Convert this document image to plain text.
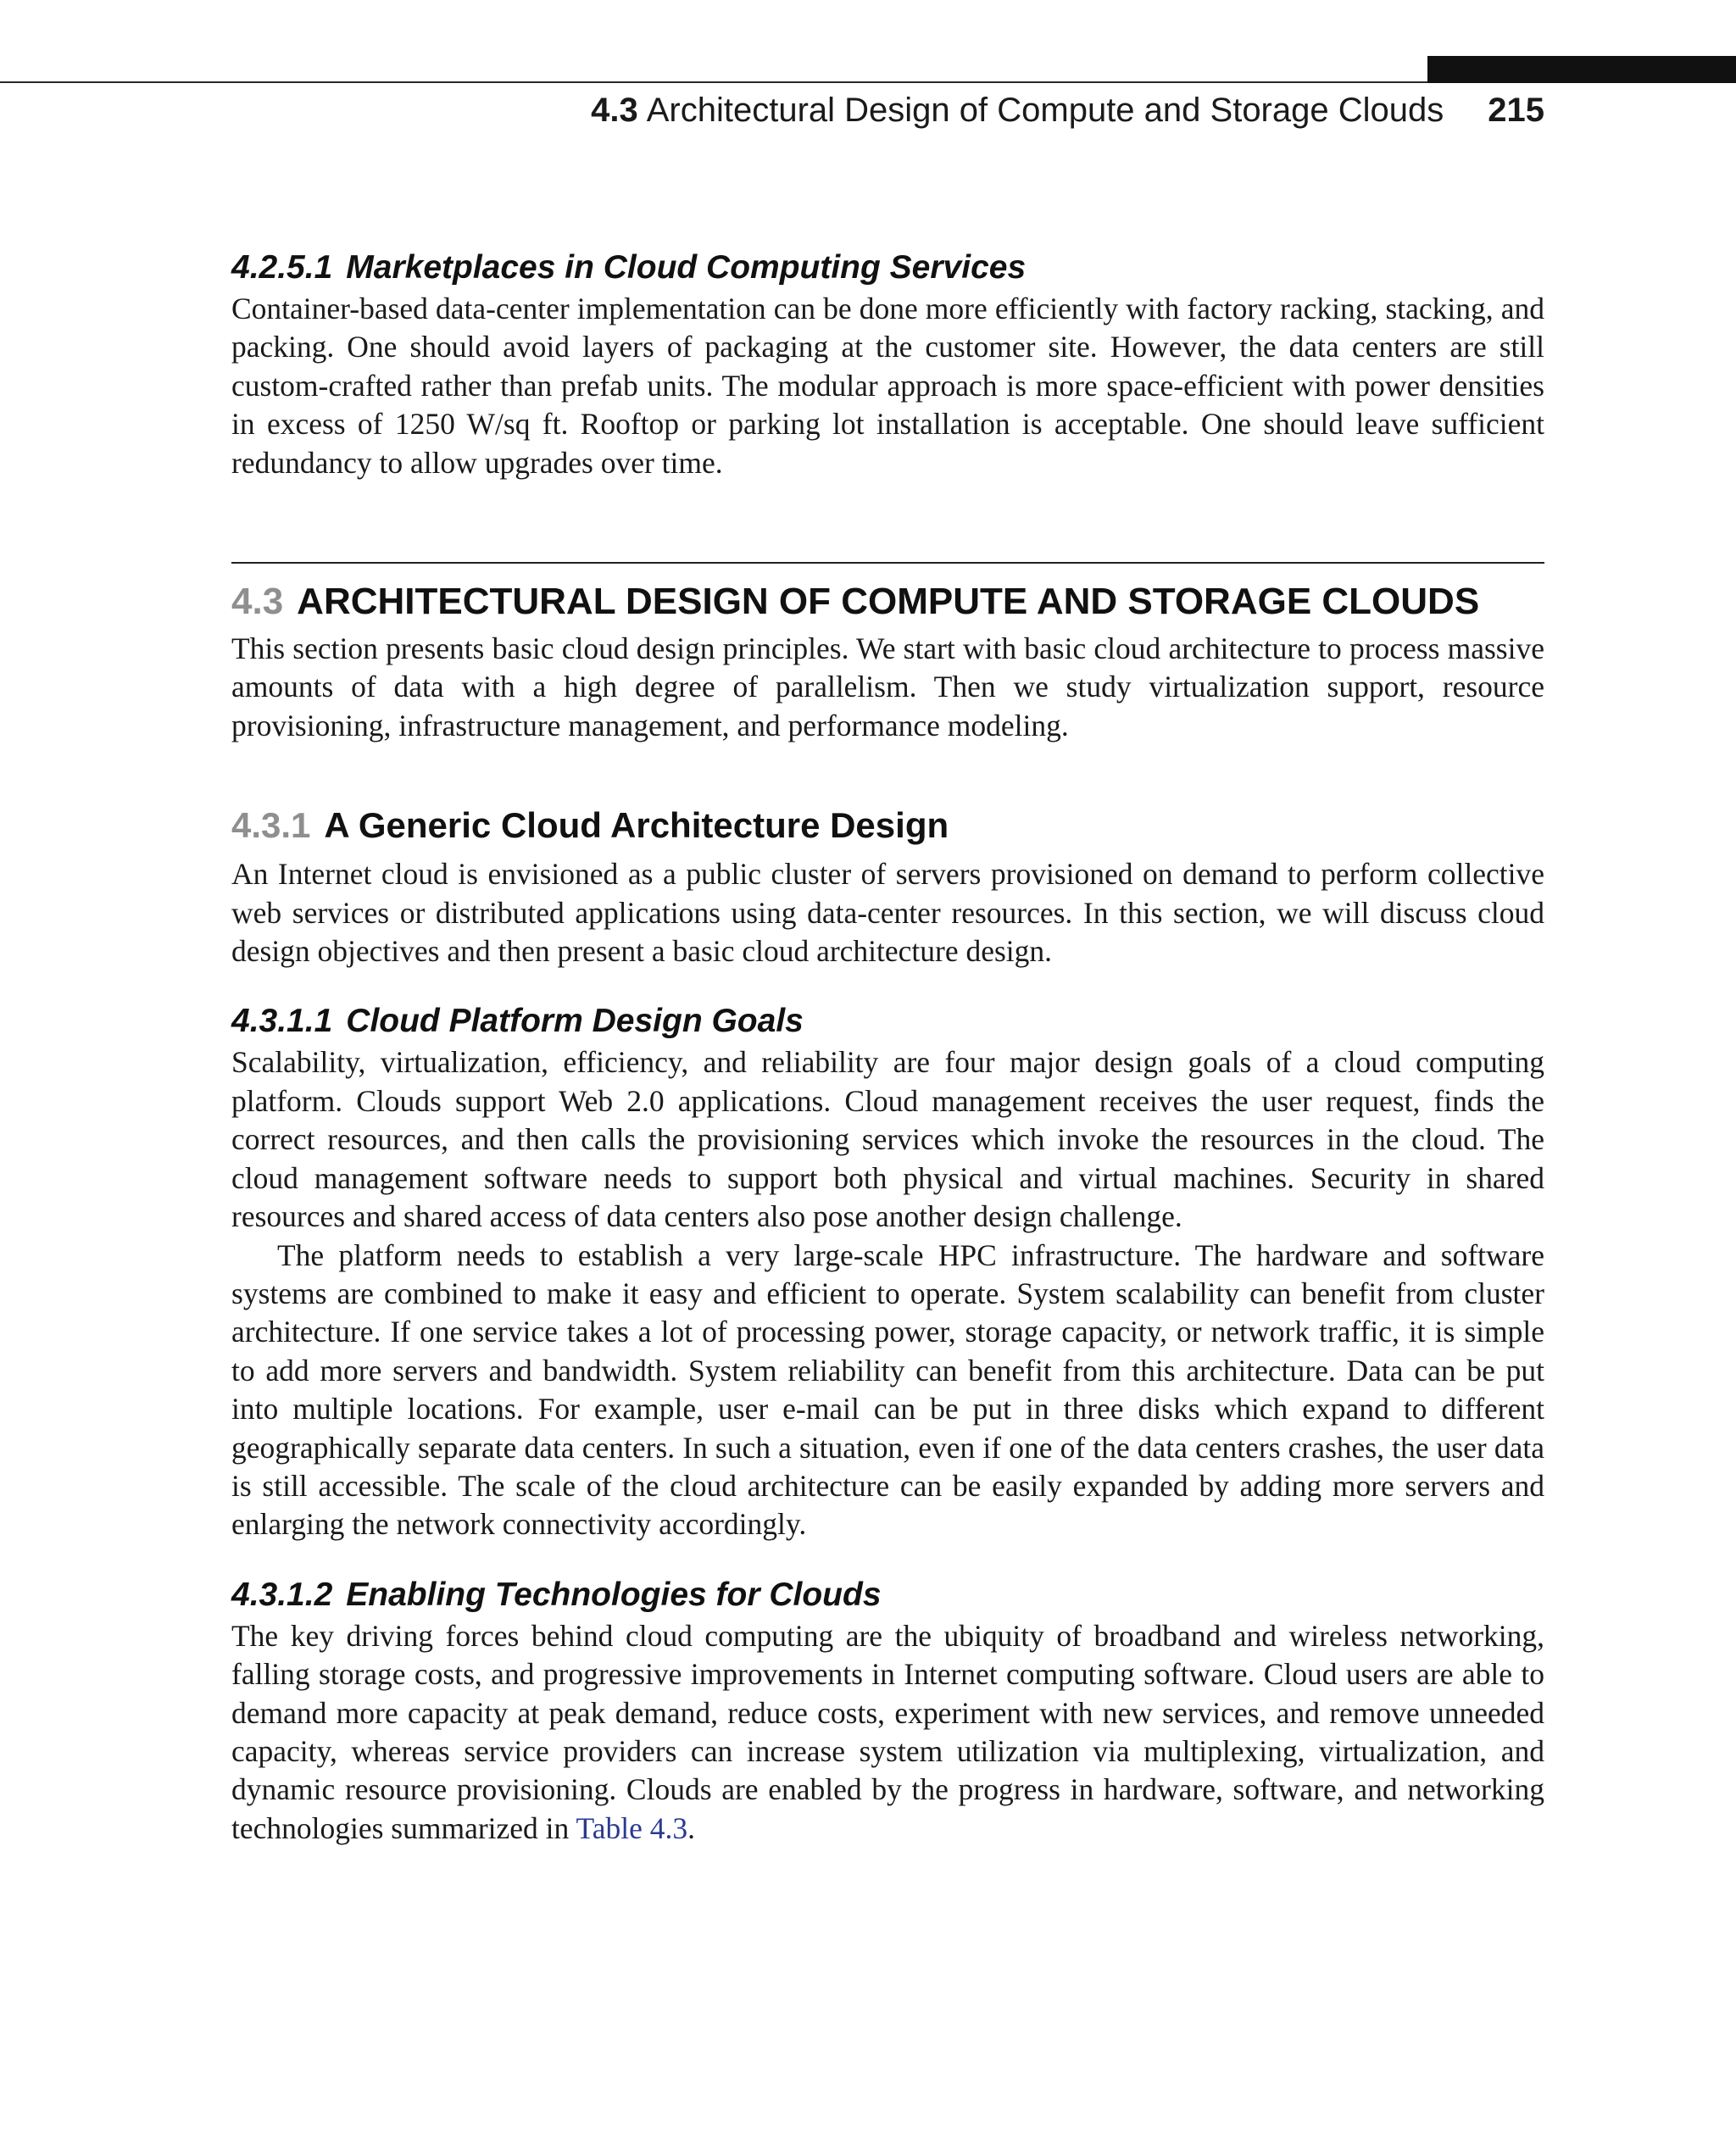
4.3 Architectural Design of Compute and Storage Clouds 215
4.2.5.1 Marketplaces in Cloud Computing Services

Container-based data-center implementation can be done more efficiently with factory racking, stacking, and packing. One should avoid layers of packaging at the customer site. However, the data centers are still custom-crafted rather than prefab units. The modular approach is more space-efficient with power densities in excess of 1250 W/sq ft. Rooftop or parking lot installation is acceptable. One should leave sufficient redundancy to allow upgrades over time.

4.3 ARCHITECTURAL DESIGN OF COMPUTE AND STORAGE CLOUDS

This section presents basic cloud design principles. We start with basic cloud architecture to process massive amounts of data with a high degree of parallelism. Then we study virtualization support, resource provisioning, infrastructure management, and performance modeling.

4.3.1 A Generic Cloud Architecture Design

An Internet cloud is envisioned as a public cluster of servers provisioned on demand to perform collective web services or distributed applications using data-center resources. In this section, we will discuss cloud design objectives and then present a basic cloud architecture design.

4.3.1.1 Cloud Platform Design Goals

Scalability, virtualization, efficiency, and reliability are four major design goals of a cloud computing platform. Clouds support Web 2.0 applications. Cloud management receives the user request, finds the correct resources, and then calls the provisioning services which invoke the resources in the cloud. The cloud management software needs to support both physical and virtual machines. Security in shared resources and shared access of data centers also pose another design challenge.

The platform needs to establish a very large-scale HPC infrastructure. The hardware and software systems are combined to make it easy and efficient to operate. System scalability can benefit from cluster architecture. If one service takes a lot of processing power, storage capacity, or network traffic, it is simple to add more servers and bandwidth. System reliability can benefit from this architecture. Data can be put into multiple locations. For example, user e-mail can be put in three disks which expand to different geographically separate data centers. In such a situation, even if one of the data centers crashes, the user data is still accessible. The scale of the cloud architecture can be easily expanded by adding more servers and enlarging the network connectivity accordingly.

4.3.1.2 Enabling Technologies for Clouds

The key driving forces behind cloud computing are the ubiquity of broadband and wireless networking, falling storage costs, and progressive improvements in Internet computing software. Cloud users are able to demand more capacity at peak demand, reduce costs, experiment with new services, and remove unneeded capacity, whereas service providers can increase system utilization via multiplexing, virtualization, and dynamic resource provisioning. Clouds are enabled by the progress in hardware, software, and networking technologies summarized in Table 4.3.
